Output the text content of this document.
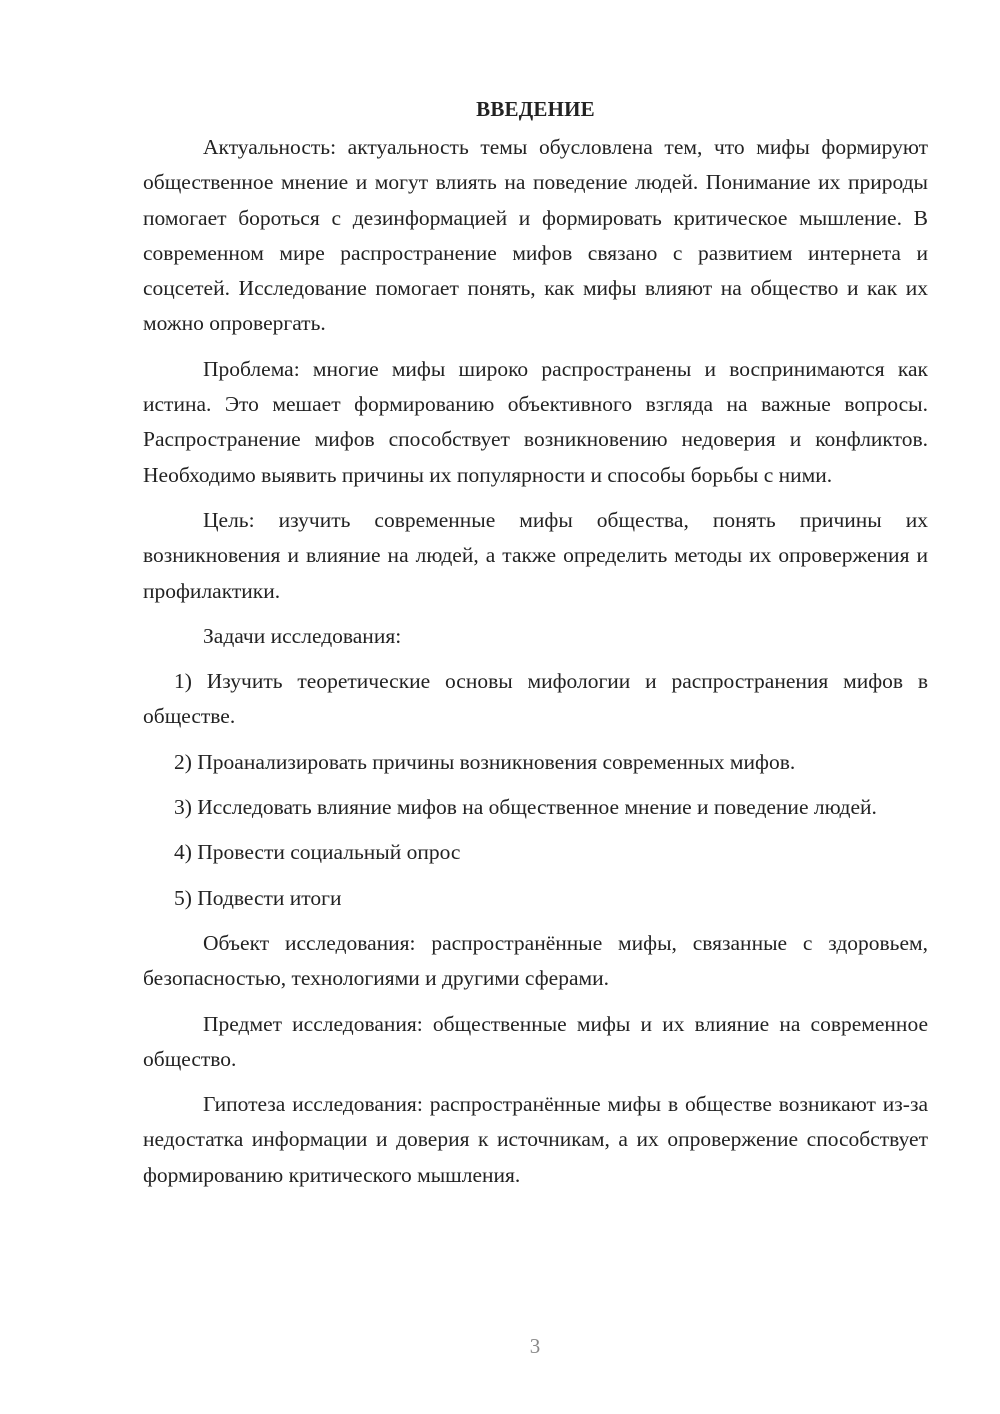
ВВЕДЕНИЕ

Актуальность: актуальность темы обусловлена тем, что мифы формируют общественное мнение и могут влиять на поведение людей. Понимание их природы помогает бороться с дезинформацией и формировать критическое мышление. В современном мире распространение мифов связано с развитием интернета и соцсетей. Исследование помогает понять, как мифы влияют на общество и как их можно опровергать.

Проблема: многие мифы широко распространены и воспринимаются как истина. Это мешает формированию объективного взгляда на важные вопросы. Распространение мифов способствует возникновению недоверия и конфликтов. Необходимо выявить причины их популярности и способы борьбы с ними.

Цель: изучить современные мифы общества, понять причины их возникновения и влияние на людей, а также определить методы их опровержения и профилактики.

Задачи исследования:

1) Изучить теоретические основы мифологии и распространения мифов в обществе.

2) Проанализировать причины возникновения современных мифов.

3) Исследовать влияние мифов на общественное мнение и поведение людей.

4) Провести социальный опрос

5) Подвести итоги

Объект исследования: распространённые мифы, связанные с здоровьем, безопасностью, технологиями и другими сферами.

Предмет исследования: общественные мифы и их влияние на современное общество.

Гипотеза исследования: распространённые мифы в обществе возникают из-за недостатка информации и доверия к источникам, а их опровержение способствует формированию критического мышления.

3
